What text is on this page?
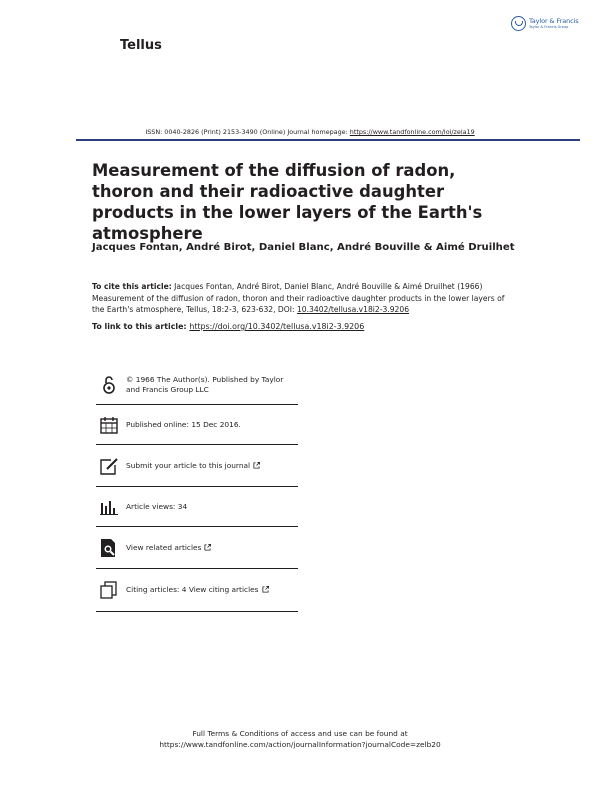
Tellus
Taylor & Francis
Taylor & Francis Group
ISSN: 0040-2826 (Print) 2153-3490 (Online) Journal homepage: https://www.tandfonline.com/loi/zela19
Measurement of the diffusion of radon, thoron and their radioactive daughter products in the lower layers of the Earth's atmosphere
Jacques Fontan, André Birot, Daniel Blanc, André Bouville & Aimé Druilhet
To cite this article: Jacques Fontan, André Birot, Daniel Blanc, André Bouville & Aimé Druilhet (1966) Measurement of the diffusion of radon, thoron and their radioactive daughter products in the lower layers of the Earth's atmosphere, Tellus, 18:2-3, 623-632, DOI: 10.3402/tellusa.v18i2-3.9206
To link to this article: https://doi.org/10.3402/tellusa.v18i2-3.9206
© 1966 The Author(s). Published by Taylor and Francis Group LLC
Published online: 15 Dec 2016.
Submit your article to this journal
Article views: 34
View related articles
Citing articles: 4 View citing articles
Full Terms & Conditions of access and use can be found at
https://www.tandfonline.com/action/journalInformation?journalCode=zelb20
